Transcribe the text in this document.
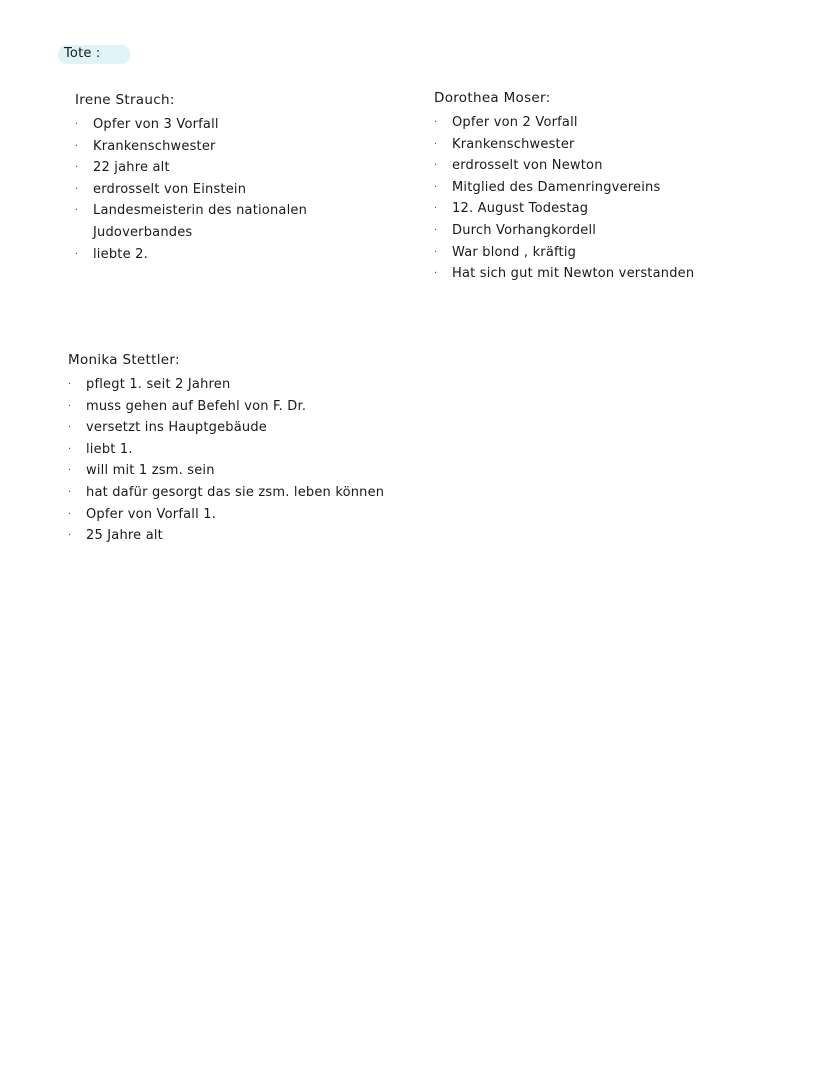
Tote :
Irene Strauch:
· Opfer von 3 Vorfall
· Krankenschwester
· 22 jahre alt
· erdrosselt von Einstein
· Landesmeisterin des nationalen
Judoverbandes
· liebte 2.
Dorothea Moser:
· Opfer von 2 Vorfall
· Krankenschwester
· erdrosselt von Newton
· Mitglied des Damenringvereins
· 12. August Todestag
· Durch Vorhangkordell
· War blond , kräftig
· Hat sich gut mit Newton verstanden
Monika Stettler:
· pflegt 1. seit 2 Jahren
· muss gehen auf Befehl von F. Dr.
· versetzt ins Hauptgebäude
· liebt 1.
· will mit 1 zsm. sein
· hat dafür gesorgt das sie zsm. leben können
· Opfer von Vorfall 1.
· 25 Jahre alt
